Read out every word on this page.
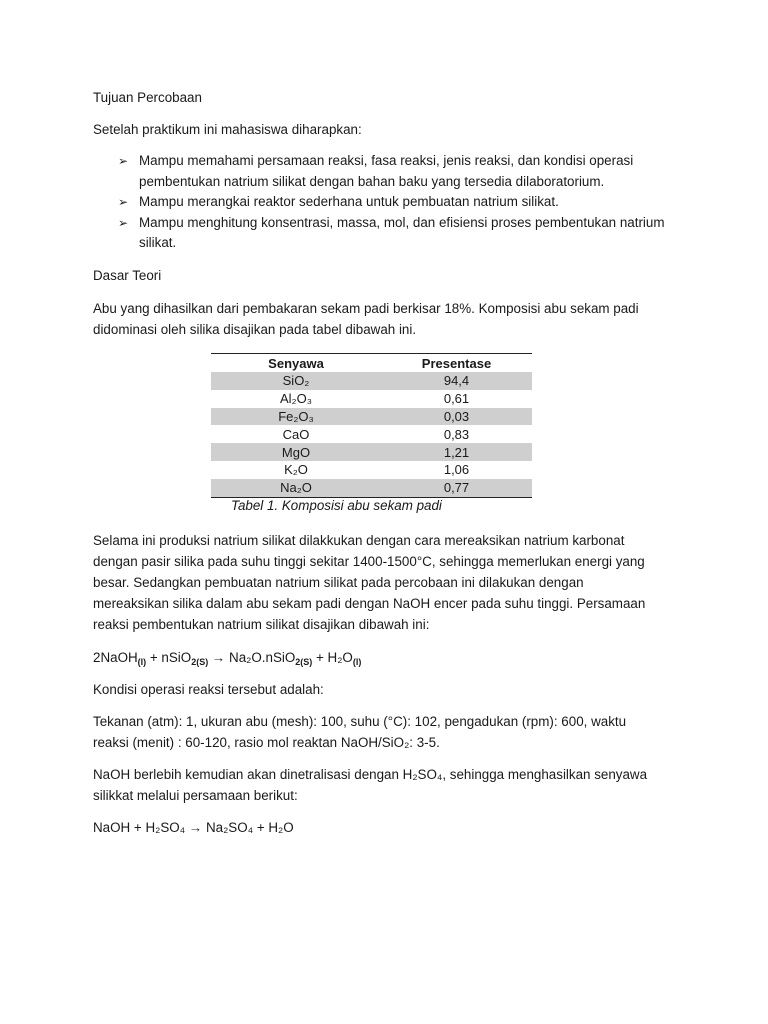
Tujuan Percobaan
Setelah praktikum ini mahasiswa diharapkan:
➢ Mampu memahami persamaan reaksi, fasa reaksi, jenis reaksi, dan kondisi operasi pembentukan natrium silikat dengan bahan baku yang tersedia dilaboratorium.
➢ Mampu merangkai reaktor sederhana untuk pembuatan natrium silikat.
➢ Mampu menghitung konsentrasi, massa, mol, dan efisiensi proses pembentukan natrium silikat.
Dasar Teori
Abu yang dihasilkan dari pembakaran sekam padi berkisar 18%. Komposisi abu sekam padi
didominasi oleh silika disajikan pada tabel dibawah ini.
Senyawa	Presentase
SiO₂	94,4
Al₂O₃	0,61
Fe₂O₃	0,03
CaO	0,83
MgO	1,21
K₂O	1,06
Na₂O	0,77
Tabel 1. Komposisi abu sekam padi
Selama ini produksi natrium silikat dilakkukan dengan cara mereaksikan natrium karbonat
dengan pasir silika pada suhu tinggi sekitar 1400-1500°C, sehingga memerlukan energi yang
besar. Sedangkan pembuatan natrium silikat pada percobaan ini dilakukan dengan
mereaksikan silika dalam abu sekam padi dengan NaOH encer pada suhu tinggi. Persamaan
reaksi pembentukan natrium silikat disajikan dibawah ini:
2NaOH$_{(l)}$ + nSiO$_{2(S)}$ → Na₂O.nSiO$_{2(S)}$ + $H_2O_{(l)}$
Kondisi operasi reaksi tersebut adalah:
Tekanan (atm): 1, ukuran abu (mesh): 100, suhu (°C): 102, pengadukan (rpm): 600, waktu
reaksi (menit) : 60-120, rasio mol reaktan NaOH/SiO₂: 3-5.
NaOH berlebih kemudian akan dinetralisasi dengan H₂SO₄, sehingga menghasilkan senyawa
silikkat melalui persamaan berikut:
NaOH + H₂SO₄ → Na₂SO₄ + H₂O
